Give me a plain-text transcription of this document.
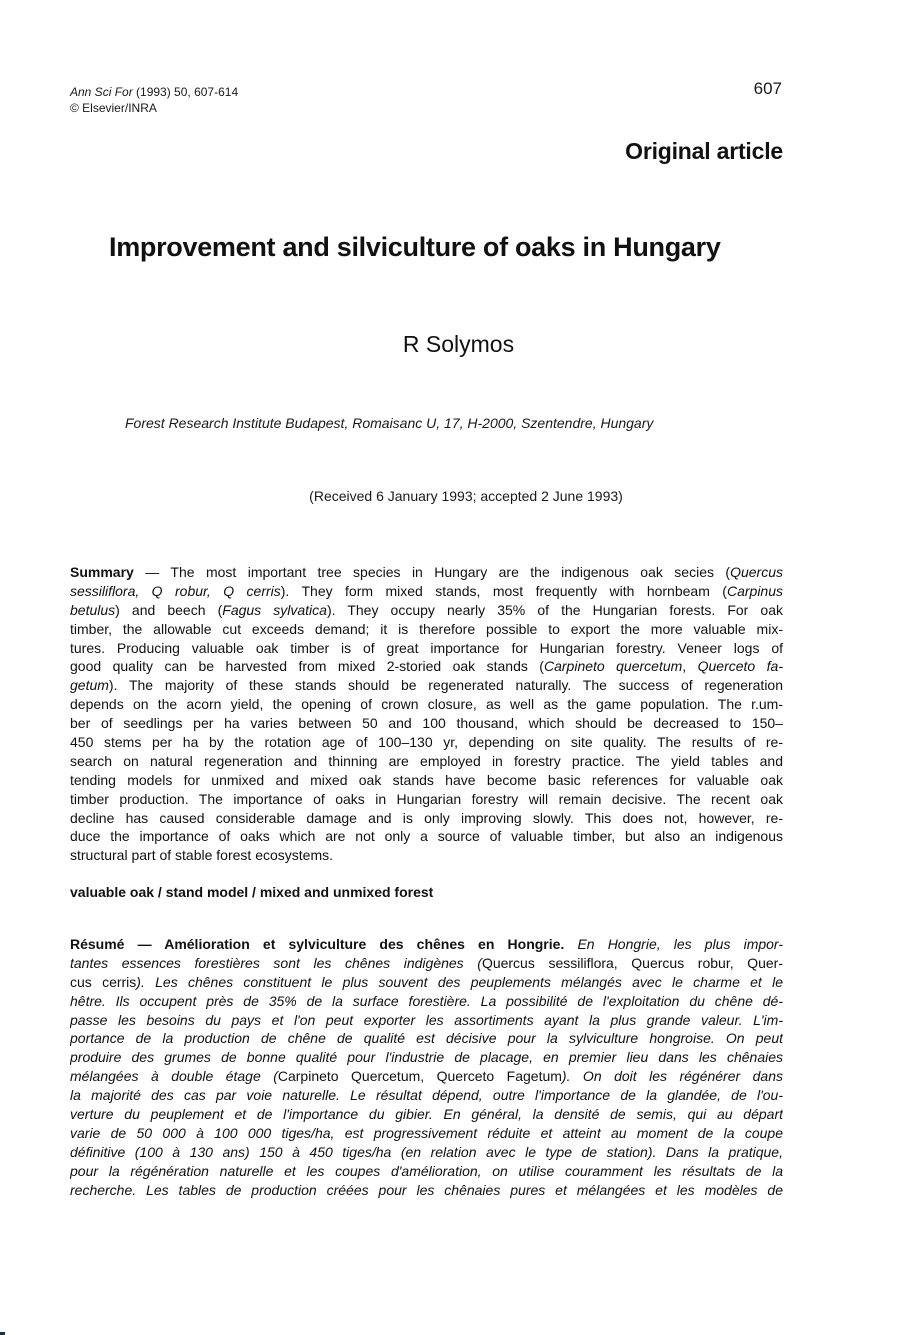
Ann Sci For (1993) 50, 607-614
© Elsevier/INRA
607
Original article
Improvement and silviculture of oaks in Hungary
R Solymos
Forest Research Institute Budapest, Romaisanc U, 17, H-2000, Szentendre, Hungary
(Received 6 January 1993; accepted 2 June 1993)
Summary — The most important tree species in Hungary are the indigenous oak secies (Quercus
sessiliflora, Q robur, Q cerris). They form mixed stands, most frequently with hornbeam (Carpinus
betulus) and beech (Fagus sylvatica). They occupy nearly 35% of the Hungarian forests. For oak
timber, the allowable cut exceeds demand; it is therefore possible to export the more valuable mix-
tures. Producing valuable oak timber is of great importance for Hungarian forestry. Veneer logs of
good quality can be harvested from mixed 2-storied oak stands (Carpineto quercetum, Querceto fa-
getum). The majority of these stands should be regenerated naturally. The success of regeneration
depends on the acorn yield, the opening of crown closure, as well as the game population. The r.um-
ber of seedlings per ha varies between 50 and 100 thousand, which should be decreased to 150–
450 stems per ha by the rotation age of 100–130 yr, depending on site quality. The results of re-
search on natural regeneration and thinning are employed in forestry practice. The yield tables and
tending models for unmixed and mixed oak stands have become basic references for valuable oak
timber production. The importance of oaks in Hungarian forestry will remain decisive. The recent oak
decline has caused considerable damage and is only improving slowly. This does not, however, re-
duce the importance of oaks which are not only a source of valuable timber, but also an indigenous
structural part of stable forest ecosystems.
valuable oak / stand model / mixed and unmixed forest
Résumé — Amélioration et sylviculture des chênes en Hongrie. En Hongrie, les plus impor-
tantes essences forestières sont les chênes indigènes (Quercus sessiliflora, Quercus robur, Quer-
cus cerris). Les chênes constituent le plus souvent des peuplements mélangés avec le charme et le
hêtre. Ils occupent près de 35% de la surface forestière. La possibilité de l'exploitation du chêne dé-
passe les besoins du pays et l'on peut exporter les assortiments ayant la plus grande valeur. L'im-
portance de la production de chêne de qualité est décisive pour la sylviculture hongroise. On peut
produire des grumes de bonne qualité pour l'industrie de placage, en premier lieu dans les chênaies
mélangées à double étage (Carpineto Quercetum, Querceto Fagetum). On doit les régénérer dans
la majorité des cas par voie naturelle. Le résultat dépend, outre l'importance de la glandée, de l'ou-
verture du peuplement et de l'importance du gibier. En général, la densité de semis, qui au départ
varie de 50 000 à 100 000 tiges/ha, est progressivement réduite et atteint au moment de la coupe
définitive (100 à 130 ans) 150 à 450 tiges/ha (en relation avec le type de station). Dans la pratique,
pour la régénération naturelle et les coupes d'amélioration, on utilise couramment les résultats de la
recherche. Les tables de production créées pour les chênaies pures et mélangées et les modèles de
